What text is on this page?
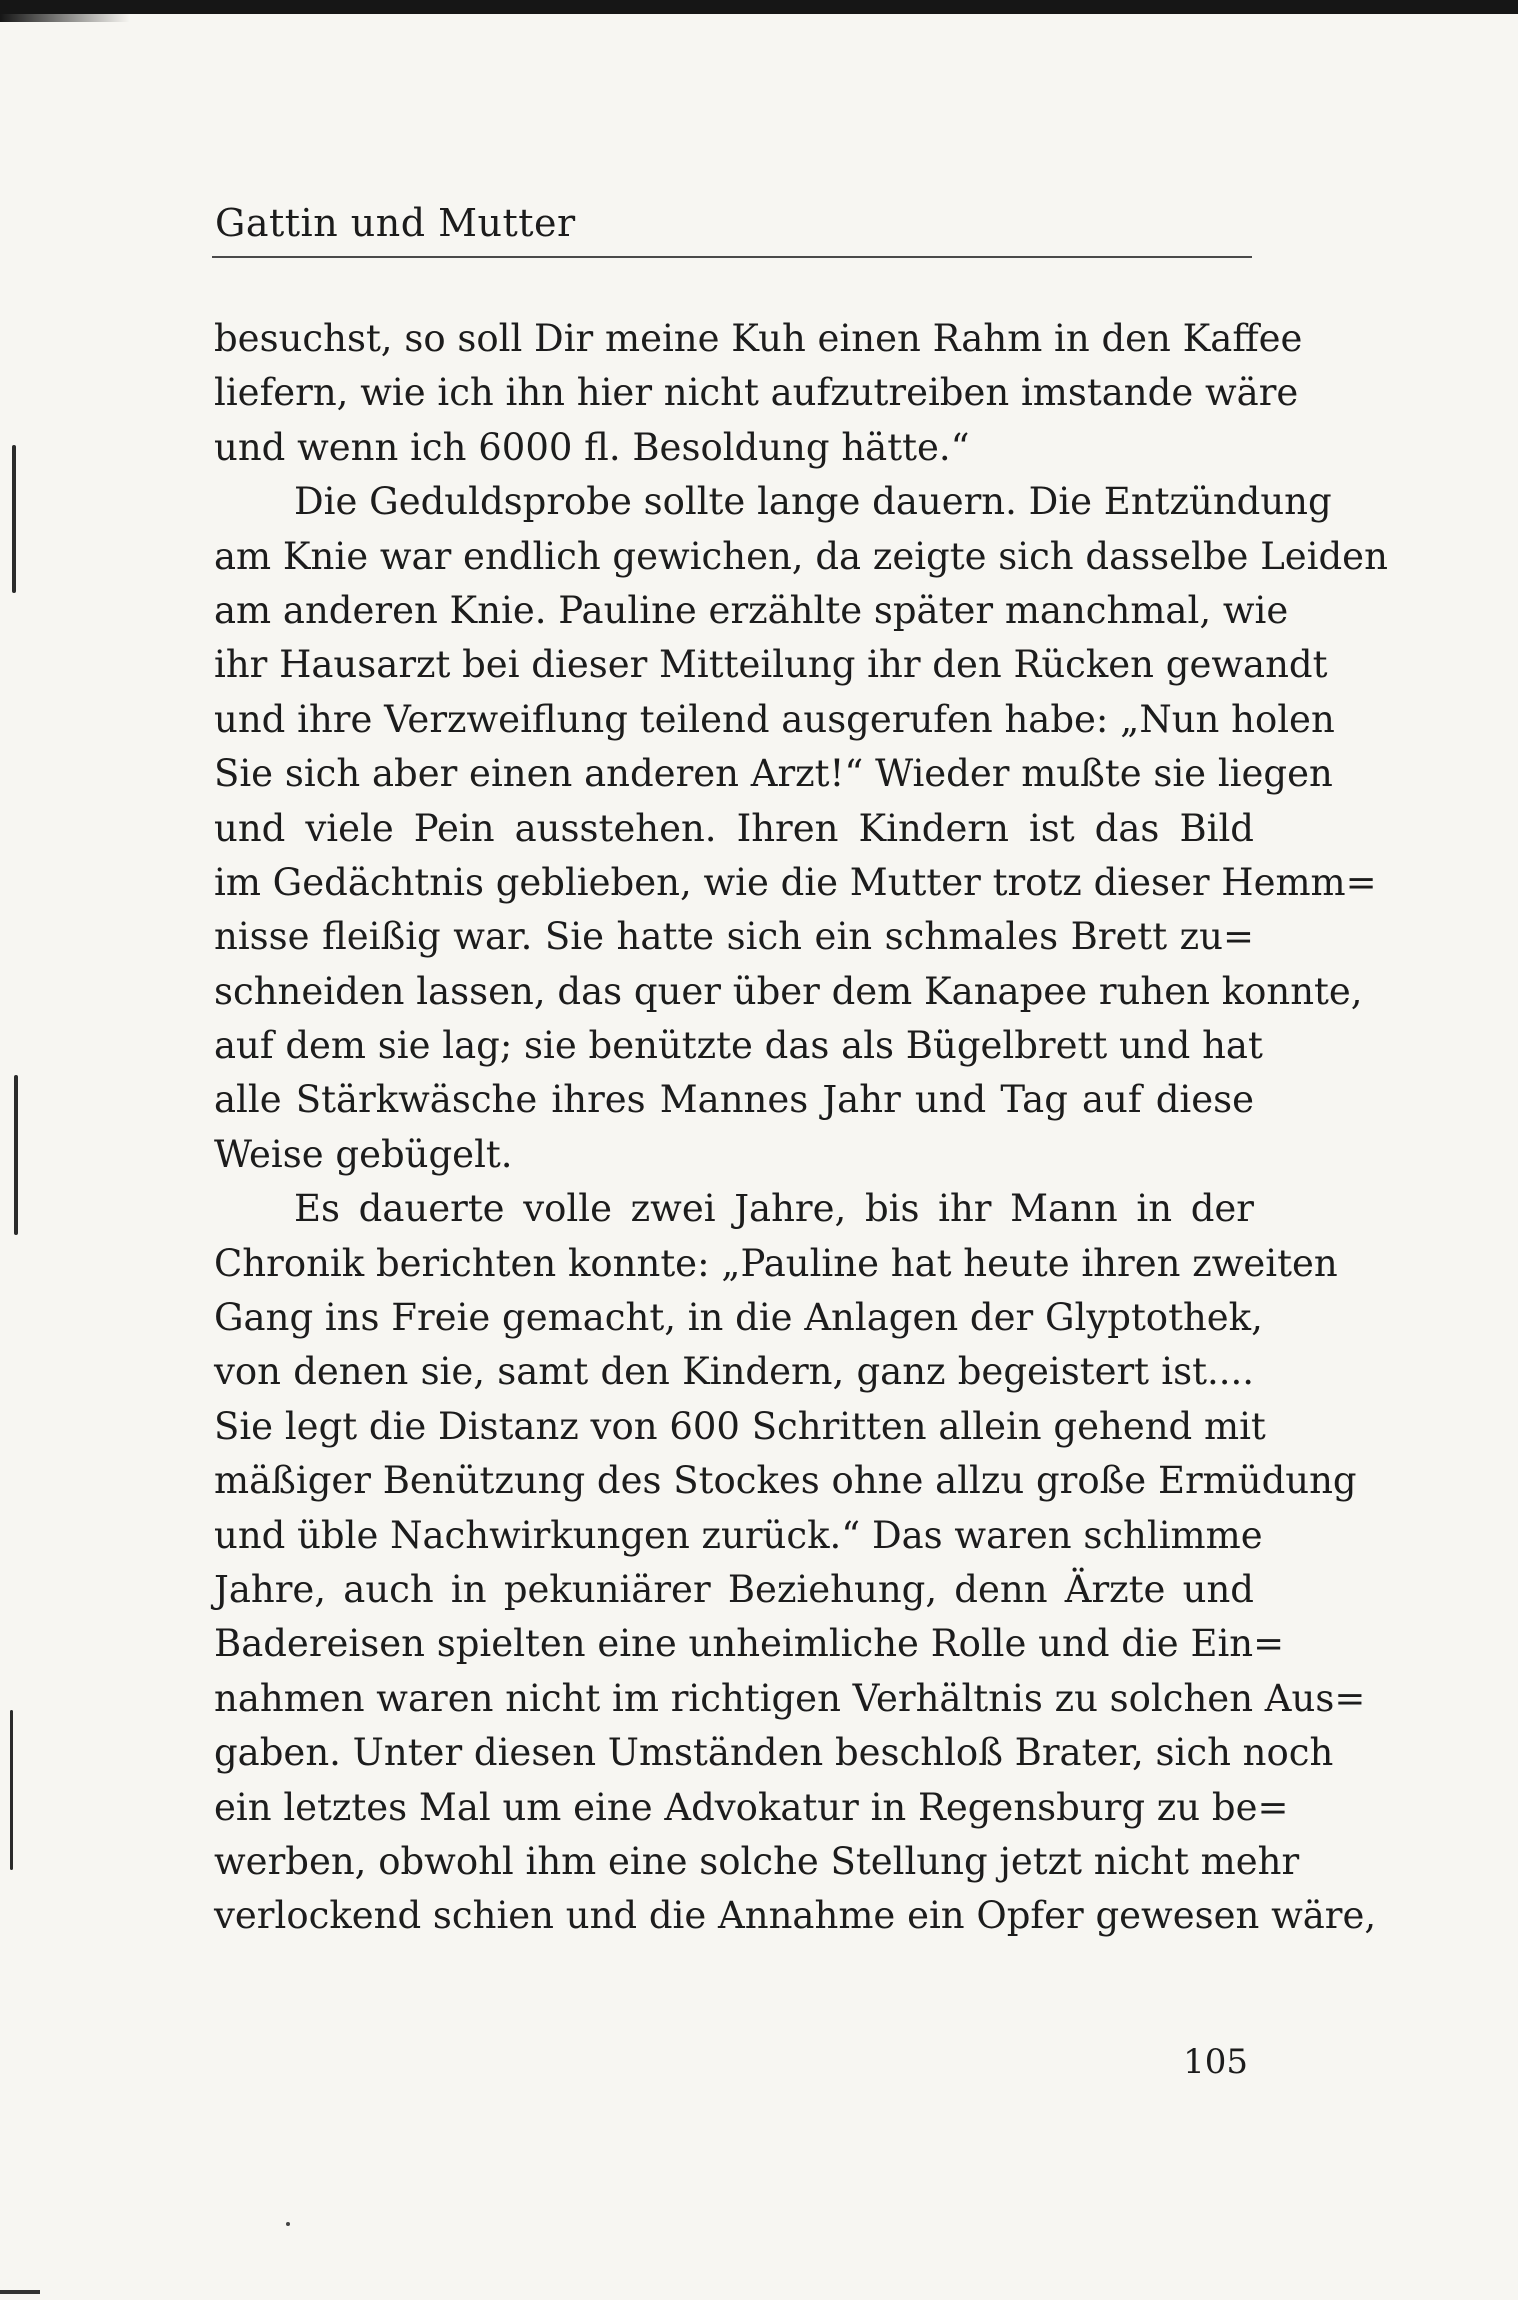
Gattin und Mutter
besuchst, so soll Dir meine Kuh einen Rahm in den Kaffee
liefern, wie ich ihn hier nicht aufzutreiben imstande wäre
und wenn ich 6000 fl. Besoldung hätte.“
Die Geduldsprobe sollte lange dauern. Die Entzündung
am Knie war endlich gewichen, da zeigte sich dasselbe Leiden
am anderen Knie. Pauline erzählte später manchmal, wie
ihr Hausarzt bei dieser Mitteilung ihr den Rücken gewandt
und ihre Verzweiflung teilend ausgerufen habe: „Nun holen
Sie sich aber einen anderen Arzt!“ Wieder mußte sie liegen
und viele Pein ausstehen. Ihren Kindern ist das Bild
im Gedächtnis geblieben, wie die Mutter trotz dieser Hemm=
nisse fleißig war. Sie hatte sich ein schmales Brett zu=
schneiden lassen, das quer über dem Kanapee ruhen konnte,
auf dem sie lag; sie benützte das als Bügelbrett und hat
alle Stärkwäsche ihres Mannes Jahr und Tag auf diese
Weise gebügelt.
Es dauerte volle zwei Jahre, bis ihr Mann in der
Chronik berichten konnte: „Pauline hat heute ihren zweiten
Gang ins Freie gemacht, in die Anlagen der Glyptothek,
von denen sie, samt den Kindern, ganz begeistert ist....
Sie legt die Distanz von 600 Schritten allein gehend mit
mäßiger Benützung des Stockes ohne allzu große Ermüdung
und üble Nachwirkungen zurück.“ Das waren schlimme
Jahre, auch in pekuniärer Beziehung, denn Ärzte und
Badereisen spielten eine unheimliche Rolle und die Ein=
nahmen waren nicht im richtigen Verhältnis zu solchen Aus=
gaben. Unter diesen Umständen beschloß Brater, sich noch
ein letztes Mal um eine Advokatur in Regensburg zu be=
werben, obwohl ihm eine solche Stellung jetzt nicht mehr
verlockend schien und die Annahme ein Opfer gewesen wäre,
105
